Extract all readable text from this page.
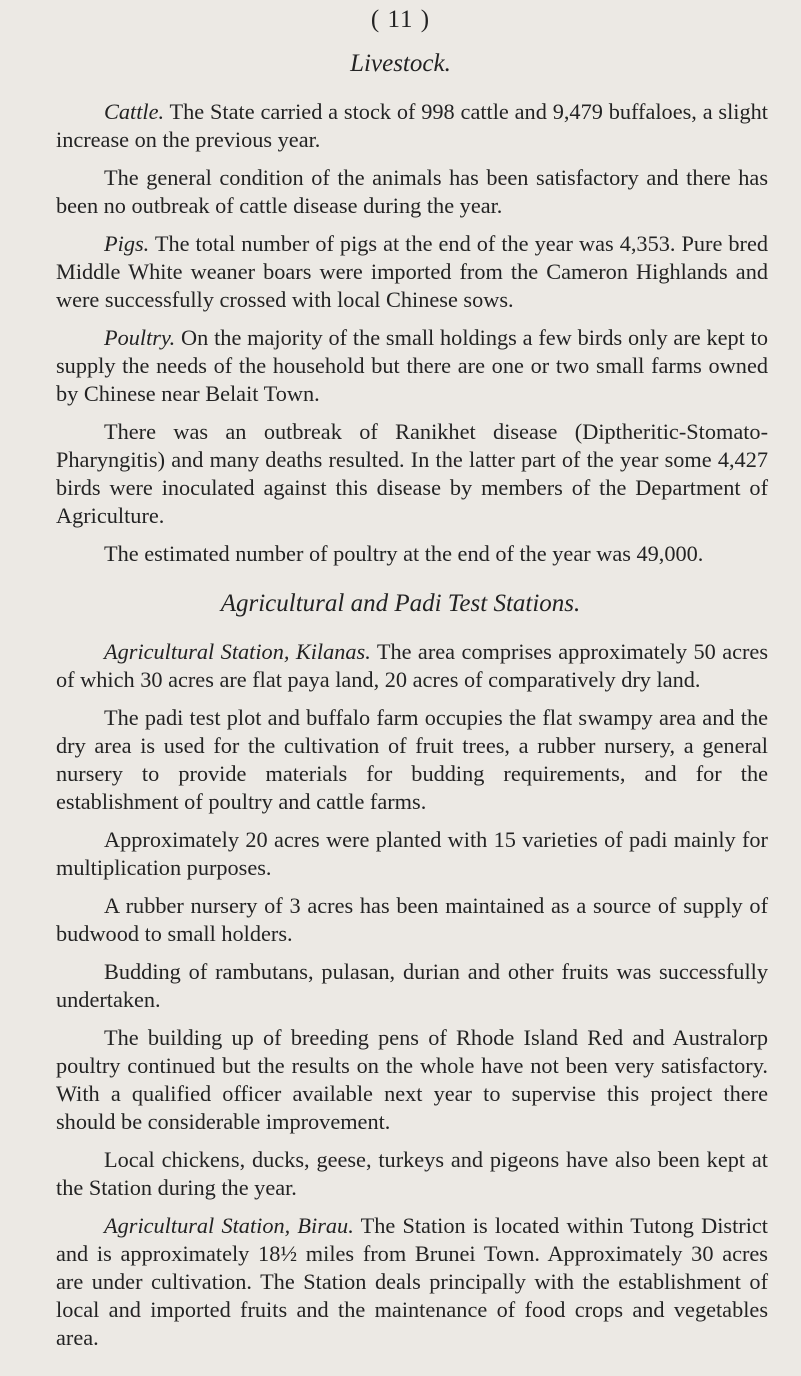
( 11 )
Livestock.

Cattle. The State carried a stock of 998 cattle and 9,479 buffaloes, a slight increase on the previous year.

The general condition of the animals has been satisfactory and there has been no outbreak of cattle disease during the year.

Pigs. The total number of pigs at the end of the year was 4,353. Pure bred Middle White weaner boars were imported from the Cameron Highlands and were successfully crossed with local Chinese sows.

Poultry. On the majority of the small holdings a few birds only are kept to supply the needs of the household but there are one or two small farms owned by Chinese near Belait Town.

There was an outbreak of Ranikhet disease (Diptheritic-Stomato-Pharyngitis) and many deaths resulted. In the latter part of the year some 4,427 birds were inoculated against this disease by members of the Department of Agriculture.

The estimated number of poultry at the end of the year was 49,000.

Agricultural and Padi Test Stations.

Agricultural Station, Kilanas. The area comprises approximately 50 acres of which 30 acres are flat paya land, 20 acres of comparatively dry land.

The padi test plot and buffalo farm occupies the flat swampy area and the dry area is used for the cultivation of fruit trees, a rubber nursery, a general nursery to provide materials for budding requirements, and for the establishment of poultry and cattle farms.

Approximately 20 acres were planted with 15 varieties of padi mainly for multiplication purposes.

A rubber nursery of 3 acres has been maintained as a source of supply of budwood to small holders.

Budding of rambutans, pulasan, durian and other fruits was successfully undertaken.

The building up of breeding pens of Rhode Island Red and Australorp poultry continued but the results on the whole have not been very satisfactory. With a qualified officer available next year to supervise this project there should be considerable improvement.

Local chickens, ducks, geese, turkeys and pigeons have also been kept at the Station during the year.

Agricultural Station, Birau. The Station is located within Tutong District and is approximately 18½ miles from Brunei Town. Approximately 30 acres are under cultivation. The Station deals principally with the establishment of local and imported fruits and the maintenance of food crops and vegetables area.
